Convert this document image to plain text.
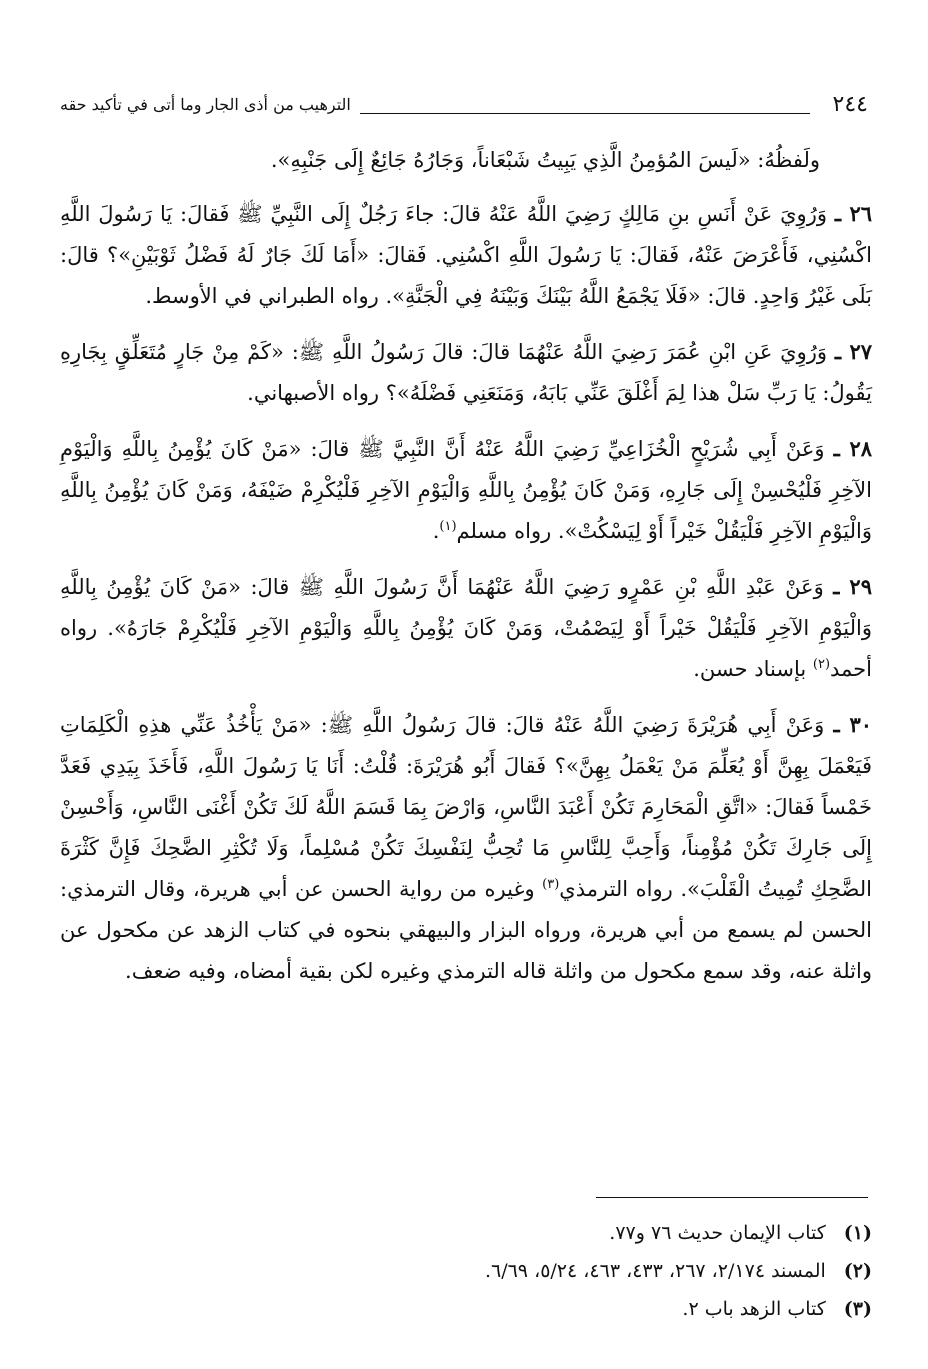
٢٤٤
الترهيب من أذى الجار وما أتى في تأكيد حقه

ولَفظُهُ: «لَيسَ المُؤمِنُ الَّذِي يَبِيتُ شَبْعَاناً، وَجَارُهُ جَائِعٌ إِلَى جَنْبِهِ».

٢٦ ـ وَرُوِيَ عَنْ أَنَسِ بنِ مَالِكٍ رَضِيَ اللَّهُ عَنْهُ قالَ: جاءَ رَجُلٌ إِلَى النَّبِيِّ ﷺ فَقالَ: يَا رَسُولَ اللَّهِ اكْسُنِي، فَأَعْرَضَ عَنْهُ، فَقالَ: يَا رَسُولَ اللَّهِ اكْسُنِي. فَقالَ: «أَمَا لَكَ جَارٌ لَهُ فَضْلُ ثَوْبَيْنِ»؟ قالَ: بَلَى غَيْرُ وَاحِدٍ. قالَ: «فَلَا يَجْمَعُ اللَّهُ بَيْنَكَ وَبَيْنَهُ فِي الْجَنَّةِ». رواه الطبراني في الأوسط.

٢٧ ـ وَرُوِيَ عَنِ ابْنِ عُمَرَ رَضِيَ اللَّهُ عَنْهُمَا قالَ: قالَ رَسُولُ اللَّهِ ﷺ: «كَمْ مِنْ جَارٍ مُتَعَلِّقٍ بِجَارِهِ يَقُولُ: يَا رَبِّ سَلْ هذا لِمَ أَغْلَقَ عَنِّي بَابَهُ، وَمَنَعَنِي فَضْلَهُ»؟ رواه الأصبهاني.

٢٨ ـ وَعَنْ أَبِي شُرَيْحٍ الْخُزَاعِيِّ رَضِيَ اللَّهُ عَنْهُ أَنَّ النَّبِيَّ ﷺ قالَ: «مَنْ كَانَ يُؤْمِنُ بِاللَّهِ وَالْيَوْمِ الآخِرِ فَلْيُحْسِنْ إِلَى جَارِهِ، وَمَنْ كَانَ يُؤْمِنُ بِاللَّهِ وَالْيَوْمِ الآخِرِ فَلْيُكْرِمْ ضَيْفَهُ، وَمَنْ كَانَ يُؤْمِنُ بِاللَّهِ وَالْيَوْمِ الآخِرِ فَلْيَقُلْ خَيْراً أَوْ لِيَسْكُتْ». رواه مسلم$^{(١)}$.

٢٩ ـ وَعَنْ عَبْدِ اللَّهِ بْنِ عَمْرٍو رَضِيَ اللَّهُ عَنْهُمَا أَنَّ رَسُولَ اللَّهِ ﷺ قالَ: «مَنْ كَانَ يُؤْمِنُ بِاللَّهِ وَالْيَوْمِ الآخِرِ فَلْيَقُلْ خَيْراً أَوْ لِيَصْمُتْ، وَمَنْ كَانَ يُؤْمِنُ بِاللَّهِ وَالْيَوْمِ الآخِرِ فَلْيُكْرِمْ جَارَهُ». رواه أحمد$^{(٢)}$ بإسناد حسن.

٣٠ ـ وَعَنْ أَبِي هُرَيْرَةَ رَضِيَ اللَّهُ عَنْهُ قالَ: قالَ رَسُولُ اللَّهِ ﷺ: «مَنْ يَأْخُذُ عَنِّي هذِهِ الْكَلِمَاتِ فَيَعْمَلَ بِهِنَّ أَوْ يُعَلِّمَ مَنْ يَعْمَلُ بِهِنَّ»؟ فَقالَ أَبُو هُرَيْرَةَ: قُلْتُ: أَنَا يَا رَسُولَ اللَّهِ، فَأَخَذَ بِيَدِي فَعَدَّ خَمْساً فَقالَ: «اتَّقِ الْمَحَارِمَ تَكُنْ أَعْبَدَ النَّاسِ، وَارْضَ بِمَا قَسَمَ اللَّهُ لَكَ تَكُنْ أَغْنَى النَّاسِ، وَأَحْسِنْ إِلَى جَارِكَ تَكُنْ مُؤْمِناً، وَأَحِبَّ لِلنَّاسِ مَا تُحِبُّ لِنَفْسِكَ تَكُنْ مُسْلِماً، وَلَا تُكْثِرِ الضَّحِكَ فَإِنَّ كَثْرَةَ الضَّحِكِ تُمِيتُ الْقَلْبَ». رواه الترمذي$^{(٣)}$ وغيره من رواية الحسن عن أبي هريرة، وقال الترمذي: الحسن لم يسمع من أبي هريرة، ورواه البزار والبيهقي بنحوه في كتاب الزهد عن مكحول عن واثلة عنه، وقد سمع مكحول من واثلة قاله الترمذي وغيره لكن بقية أمضاه، وفيه ضعف.

(١)
كتاب الإيمان حديث ٧٦ و٧٧.
(٢)
المسند ٢/١٧٤، ٢٦٧، ٤٣٣، ٤٦٣، ٥/٢٤، ٦/٦٩.
(٣)
كتاب الزهد باب ٢.
